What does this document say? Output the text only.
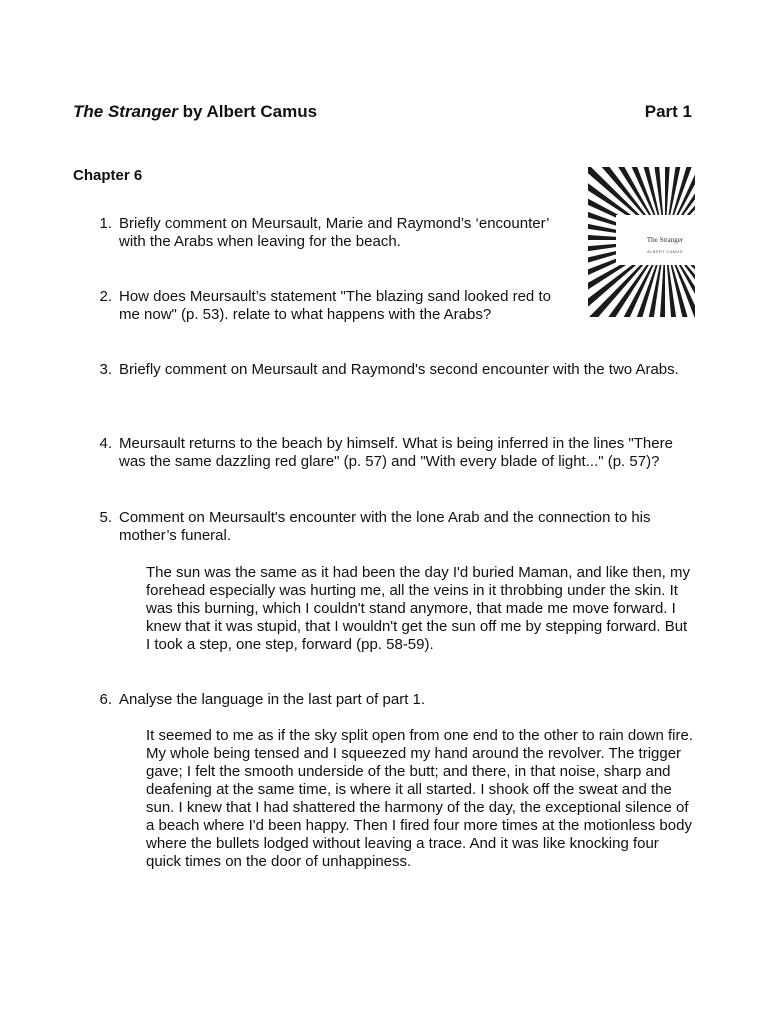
The Stranger by Albert Camus	Part 1
Chapter 6
The Stranger
ALBERT CAMUS
1. Briefly comment on Meursault, Marie and Raymond’s ‘encounter’ with the Arabs when leaving for the beach.
2. How does Meursault’s statement "The blazing sand looked red to me now" (p. 53). relate to what happens with the Arabs?
3. Briefly comment on Meursault and Raymond's second encounter with the two Arabs.
4. Meursault returns to the beach by himself. What is being inferred in the lines "There was the same dazzling red glare" (p. 57) and "With every blade of light..." (p. 57)?
5. Comment on Meursault's encounter with the lone Arab and the connection to his mother’s funeral.
The sun was the same as it had been the day I'd buried Maman, and like then, my forehead especially was hurting me, all the veins in it throbbing under the skin. It was this burning, which I couldn't stand anymore, that made me move forward. I knew that it was stupid, that I wouldn't get the sun off me by stepping forward. But I took a step, one step, forward (pp. 58-59).
6. Analyse the language in the last part of part 1.
It seemed to me as if the sky split open from one end to the other to rain down fire. My whole being tensed and I squeezed my hand around the revolver. The trigger gave; I felt the smooth underside of the butt; and there, in that noise, sharp and deafening at the same time, is where it all started. I shook off the sweat and the sun. I knew that I had shattered the harmony of the day, the exceptional silence of a beach where I'd been happy. Then I fired four more times at the motionless body where the bullets lodged without leaving a trace. And it was like knocking four quick times on the door of unhappiness.
